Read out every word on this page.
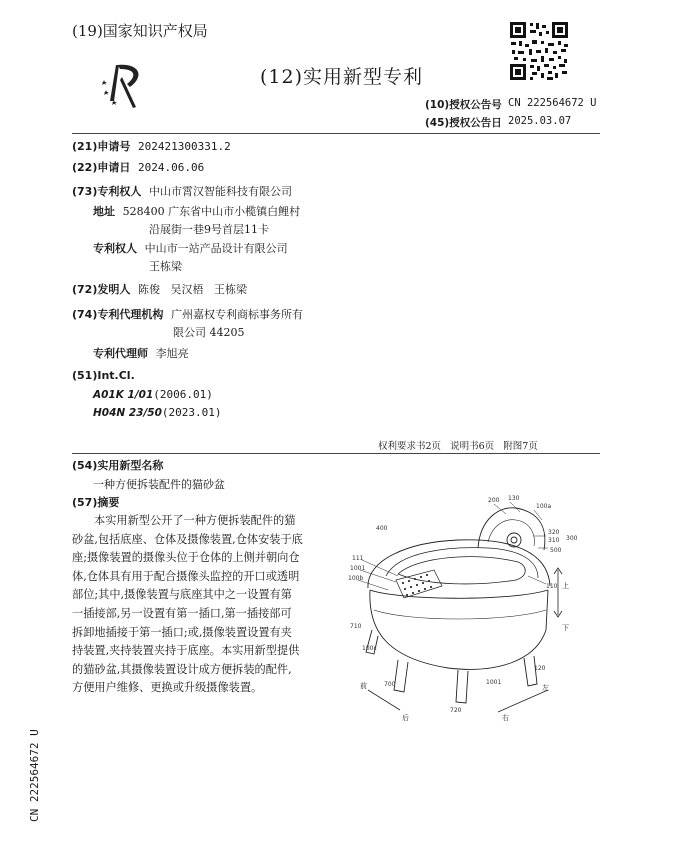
(19)国家知识产权局
(12)实用新型专利
(10)授权公告号 CN 222564672 U
(45)授权公告日 2025.03.07
(21)申请号 202421300331.2
(22)申请日 2024.06.06
(73)专利权人 中山市霄汉智能科技有限公司
地址 528400 广东省中山市小榄镇白鲤村
沿展街一巷9号首层11卡
专利权人 中山市一站产品设计有限公司
王栋梁
(72)发明人 陈俊   吴汉梧   王栋梁
(74)专利代理机构 广州嘉权专利商标事务所有
限公司 44205
专利代理师 李旭亮
(51)Int.Cl.
A01K 1/01(2006.01)
H04N 23/50(2023.01)
权利要求书2页   说明书6页   附图7页
(54)实用新型名称
一种方便拆装配件的猫砂盆
(57)摘要
本实用新型公开了一种方便拆装配件的猫
砂盆,包括底座、仓体及摄像装置,仓体安装于底
座;摄像装置的摄像头位于仓体的上侧并朝向仓
体,仓体具有用于配合摄像头监控的开口或透明
部位;其中,摄像装置与底座其中之一设置有第
一插接部,另一设置有第一插口,第一插接部可
拆卸地插接于第一插口;或,摄像装置设置有夹
持装置,夹持装置夹持于底座。本实用新型提供
的猫砂盆,其摄像装置设计成方便拆装的配件,
方便用户维修、更换或升级摄像装置。
200 130
100a
320
310 300
500
110
111
1001
100b
710
100c
120
400
700	1001
720
上
下
左
右
前
后
CN 222564672 U
